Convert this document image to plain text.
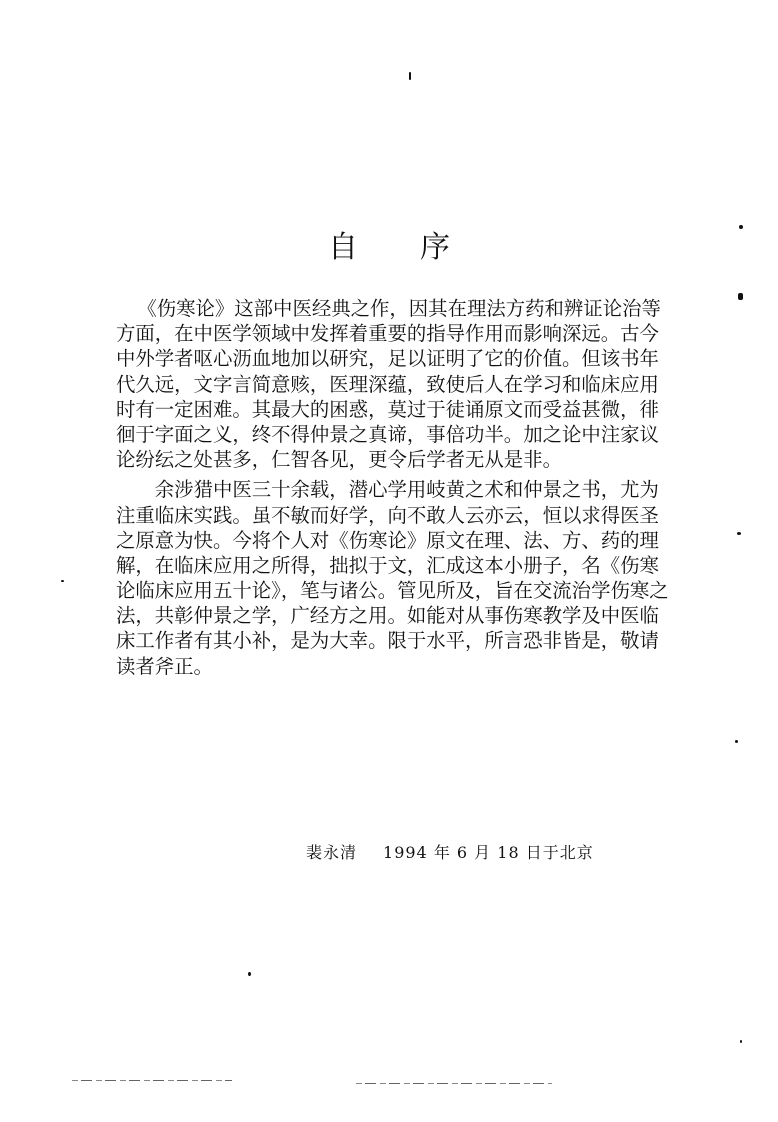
自 序
《伤寒论》这部中医经典之作，因其在理法方药和辨证论治等
方面，在中医学领域中发挥着重要的指导作用而影响深远。古今
中外学者呕心沥血地加以研究，足以证明了它的价值。但该书年
代久远，文字言简意赅，医理深蕴，致使后人在学习和临床应用
时有一定困难。其最大的困惑，莫过于徒诵原文而受益甚微，徘
徊于字面之义，终不得仲景之真谛，事倍功半。加之论中注家议
论纷纭之处甚多，仁智各见，更令后学者无从是非。
余涉猎中医三十余载，潜心学用岐黄之术和仲景之书，尤为
注重临床实践。虽不敏而好学，向不敢人云亦云，恒以求得医圣
之原意为快。今将个人对《伤寒论》原文在理、法、方、药的理
解，在临床应用之所得，拙拟于文，汇成这本小册子，名《伤寒
论临床应用五十论》，笔与诸公。管见所及，旨在交流治学伤寒之
法，共彰仲景之学，广经方之用。如能对从事伤寒教学及中医临
床工作者有其小补，是为大幸。限于水平，所言恐非皆是，敬请
读者斧正。
裴永清 1994 年 6 月 18 日于北京
